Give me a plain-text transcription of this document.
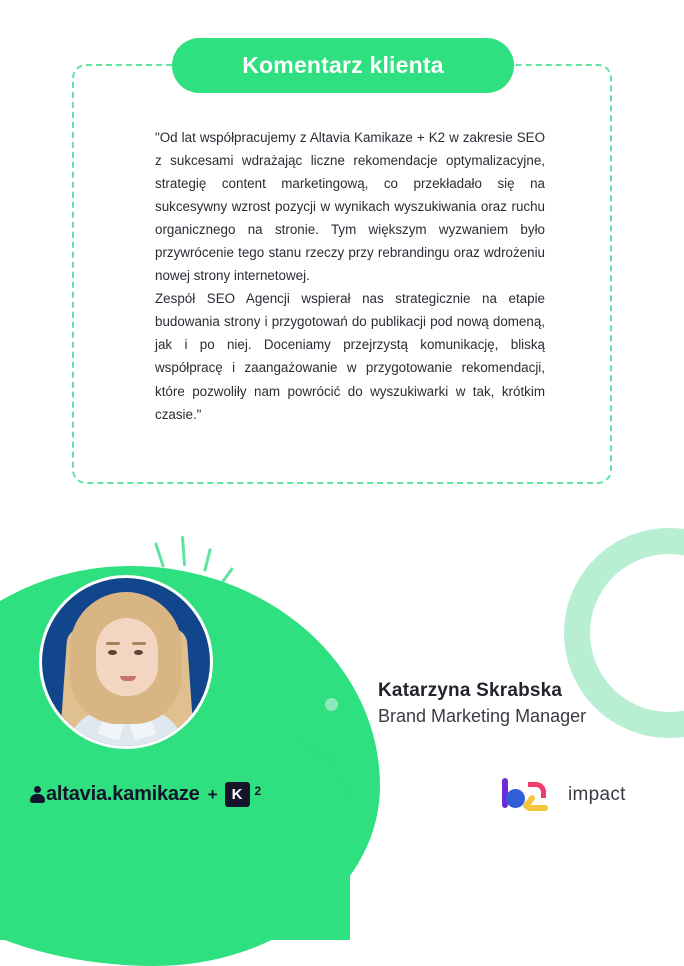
Komentarz klienta

"Od lat współpracujemy z Altavia Kamikaze + K2 w zakresie SEO z sukcesami wdrażając liczne rekomendacje optymalizacyjne, strategię content marketingową, co przekładało się na sukcesywny wzrost pozycji w wynikach wyszukiwania oraz ruchu organicznego na stronie. Tym większym wyzwaniem było przywrócenie tego stanu rzeczy przy rebrandingu oraz wdrożeniu nowej strony internetowej.

Zespół SEO Agencji wspierał nas strategicznie na etapie budowania strony i przygotowań do publikacji pod nową domeną, jak i po niej. Doceniamy przejrzystą komunikację, bliską współpracę i zaangażowanie w przygotowanie rekomendacji, które pozwoliły nam powrócić do wyszukiwarki w tak, krótkim czasie."

Katarzyna Skrabska
Brand Marketing Manager
altavia.kamikaze + K	2	impact
